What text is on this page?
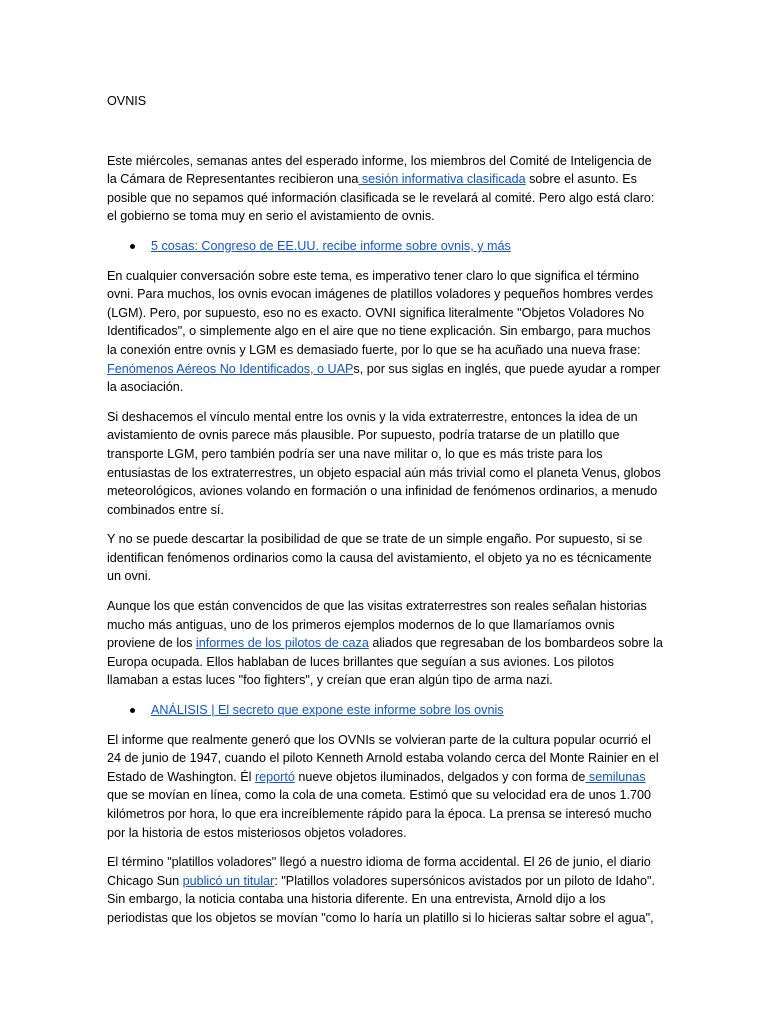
OVNIS

Este miércoles, semanas antes del esperado informe, los miembros del Comité de Inteligencia de la Cámara de Representantes recibieron una sesión informativa clasificada sobre el asunto. Es posible que no sepamos qué información clasificada se le revelará al comité. Pero algo está claro: el gobierno se toma muy en serio el avistamiento de ovnis.

5 cosas: Congreso de EE.UU. recibe informe sobre ovnis, y más

En cualquier conversación sobre este tema, es imperativo tener claro lo que significa el término ovni. Para muchos, los ovnis evocan imágenes de platillos voladores y pequeños hombres verdes (LGM). Pero, por supuesto, eso no es exacto. OVNI significa literalmente "Objetos Voladores No Identificados", o simplemente algo en el aire que no tiene explicación. Sin embargo, para muchos la conexión entre ovnis y LGM es demasiado fuerte, por lo que se ha acuñado una nueva frase: Fenómenos Aéreos No Identificados, o UAPs, por sus siglas en inglés, que puede ayudar a romper la asociación.

Si deshacemos el vínculo mental entre los ovnis y la vida extraterrestre, entonces la idea de un avistamiento de ovnis parece más plausible. Por supuesto, podría tratarse de un platillo que transporte LGM, pero también podría ser una nave militar o, lo que es más triste para los entusiastas de los extraterrestres, un objeto espacial aún más trivial como el planeta Venus, globos meteorológicos, aviones volando en formación o una infinidad de fenómenos ordinarios, a menudo combinados entre sí.

Y no se puede descartar la posibilidad de que se trate de un simple engaño. Por supuesto, si se identifican fenómenos ordinarios como la causa del avistamiento, el objeto ya no es técnicamente un ovni.

Aunque los que están convencidos de que las visitas extraterrestres son reales señalan historias mucho más antiguas, uno de los primeros ejemplos modernos de lo que llamaríamos ovnis proviene de los informes de los pilotos de caza aliados que regresaban de los bombardeos sobre la Europa ocupada. Ellos hablaban de luces brillantes que seguían a sus aviones. Los pilotos llamaban a estas luces "foo fighters", y creían que eran algún tipo de arma nazi.

ANÁLISIS | El secreto que expone este informe sobre los ovnis

El informe que realmente generó que los OVNIs se volvieran parte de la cultura popular ocurrió el 24 de junio de 1947, cuando el piloto Kenneth Arnold estaba volando cerca del Monte Rainier en el Estado de Washington. Él reportó nueve objetos iluminados, delgados y con forma de semilunas que se movían en línea, como la cola de una cometa. Estimó que su velocidad era de unos 1.700 kilómetros por hora, lo que era increíblemente rápido para la época. La prensa se interesó mucho por la historia de estos misteriosos objetos voladores.

El término "platillos voladores" llegó a nuestro idioma de forma accidental. El 26 de junio, el diario Chicago Sun publicó un titular: "Platillos voladores supersónicos avistados por un piloto de Idaho". Sin embargo, la noticia contaba una historia diferente. En una entrevista, Arnold dijo a los periodistas que los objetos se movían "como lo haría un platillo si lo hicieras saltar sobre el agua",
